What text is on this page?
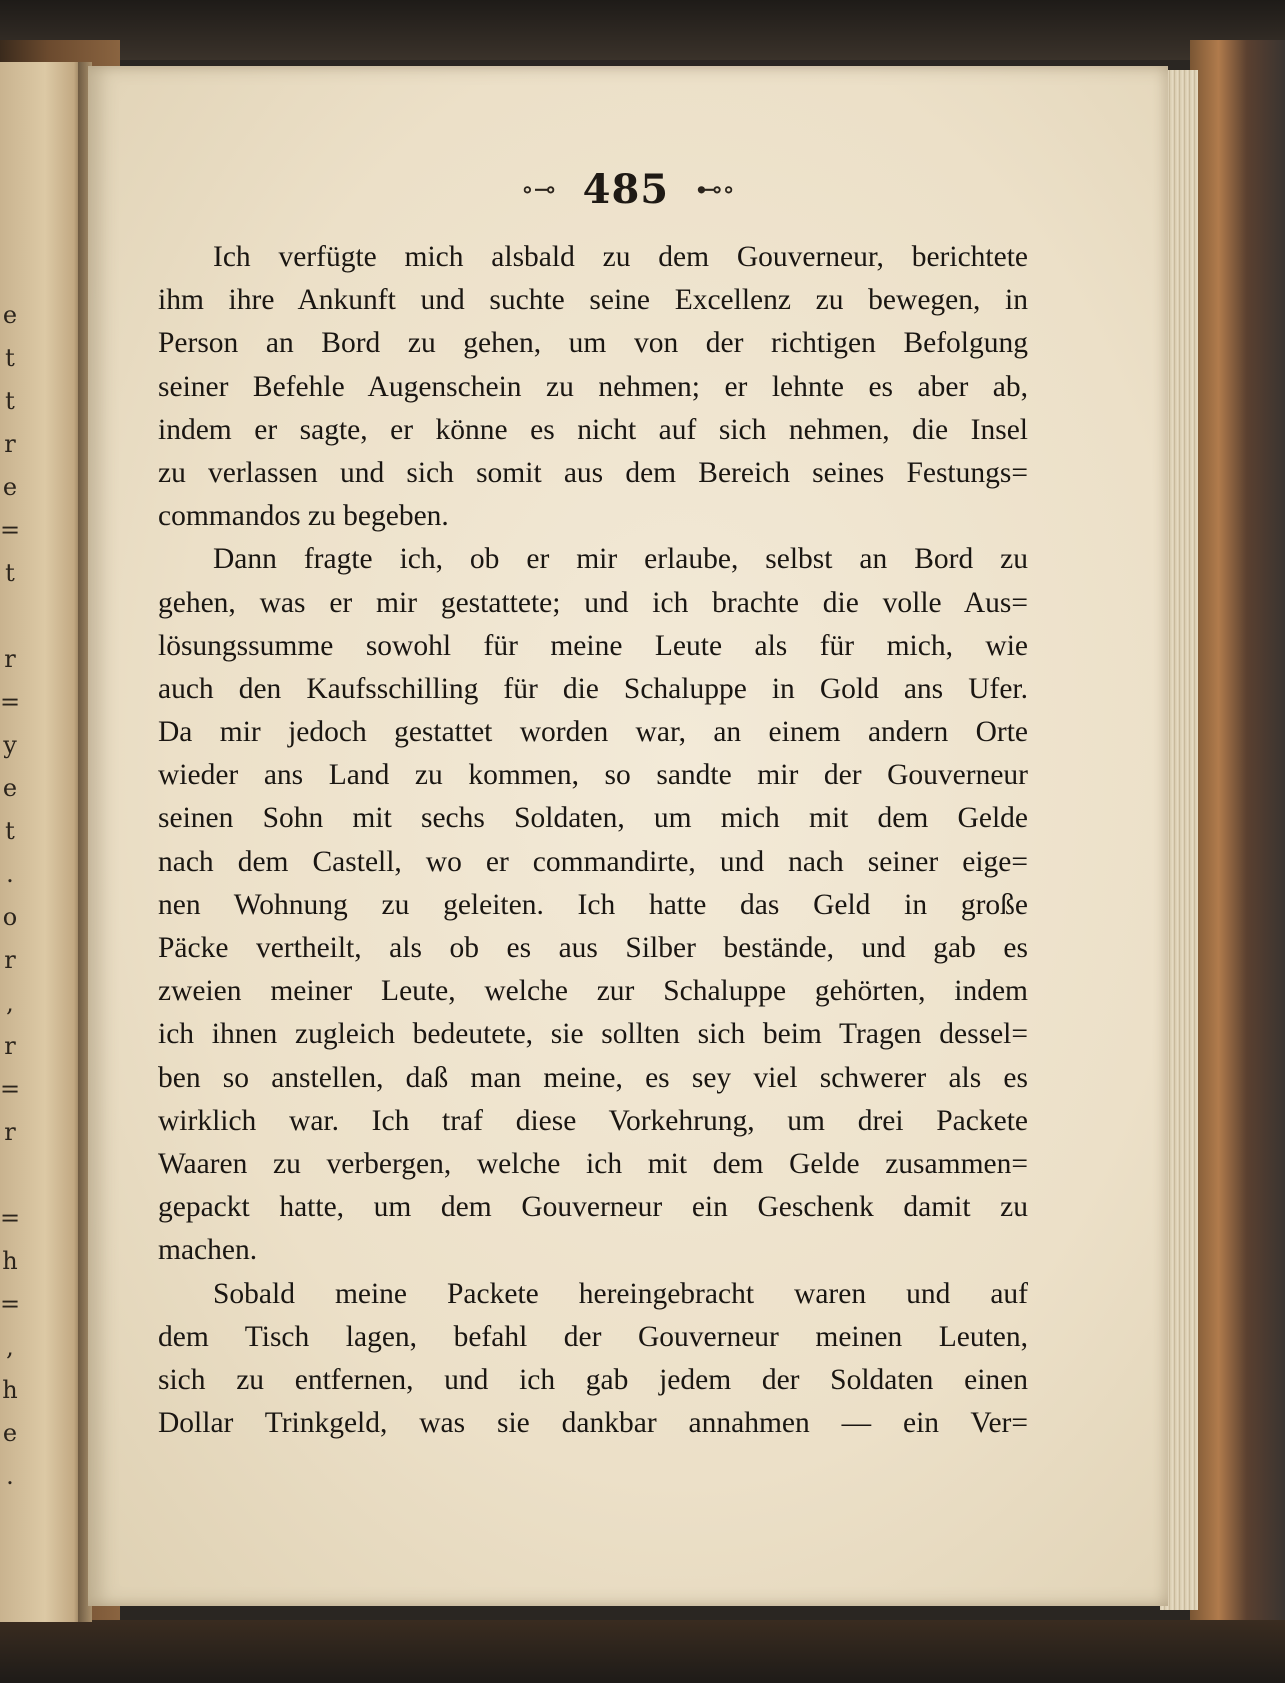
e
t
t
r
e
=
t
r
=
y
e
t
.
o
r
,
r
=
r
=
h
=
,
h
e
.
∘⊸ 485 ⊷∘
Ich verfügte mich alsbald zu dem Gouverneur, berichtete
ihm ihre Ankunft und suchte seine Excellenz zu bewegen, in
Person an Bord zu gehen, um von der richtigen Befolgung
seiner Befehle Augenschein zu nehmen; er lehnte es aber ab,
indem er sagte, er könne es nicht auf sich nehmen, die Insel
zu verlassen und sich somit aus dem Bereich seines Festungs=
commandos zu begeben.
Dann fragte ich, ob er mir erlaube, selbst an Bord zu
gehen, was er mir gestattete; und ich brachte die volle Aus=
lösungssumme sowohl für meine Leute als für mich, wie
auch den Kaufsschilling für die Schaluppe in Gold ans Ufer.
Da mir jedoch gestattet worden war, an einem andern Orte
wieder ans Land zu kommen, so sandte mir der Gouverneur
seinen Sohn mit sechs Soldaten, um mich mit dem Gelde
nach dem Castell, wo er commandirte, und nach seiner eige=
nen Wohnung zu geleiten. Ich hatte das Geld in große
Päcke vertheilt, als ob es aus Silber bestände, und gab es
zweien meiner Leute, welche zur Schaluppe gehörten, indem
ich ihnen zugleich bedeutete, sie sollten sich beim Tragen dessel=
ben so anstellen, daß man meine, es sey viel schwerer als es
wirklich war. Ich traf diese Vorkehrung, um drei Packete
Waaren zu verbergen, welche ich mit dem Gelde zusammen=
gepackt hatte, um dem Gouverneur ein Geschenk damit zu
machen.
Sobald meine Packete hereingebracht waren und auf
dem Tisch lagen, befahl der Gouverneur meinen Leuten,
sich zu entfernen, und ich gab jedem der Soldaten einen
Dollar Trinkgeld, was sie dankbar annahmen — ein Ver=
